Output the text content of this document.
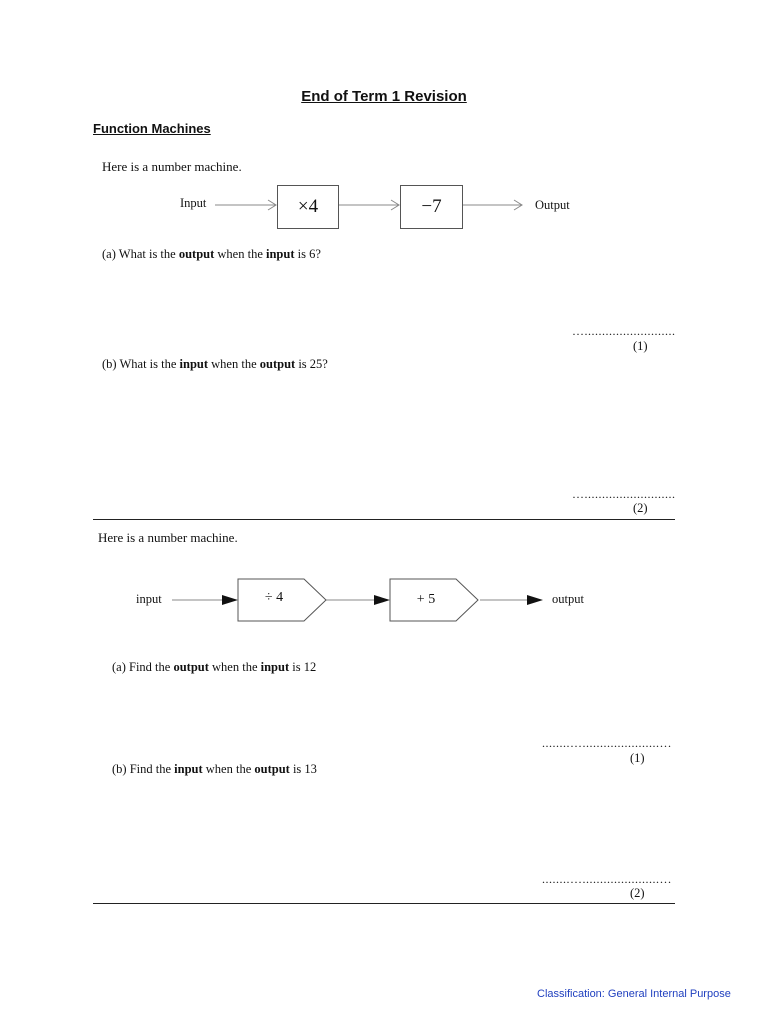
End of Term 1 Revision
Function Machines
Here is a number machine.
Input	×4	−7	Output
(a) What is the output when the input is 6?
…..........................
(1)
(b) What is the input when the output is 25?
…..........................
(2)
Here is a number machine.
input	÷ 4	+ 5	output
(a) Find the output when the input is 12
........…......................…
(1)
(b) Find the input when the output is 13
........…......................…
(2)
Classification: General Internal Purpose
